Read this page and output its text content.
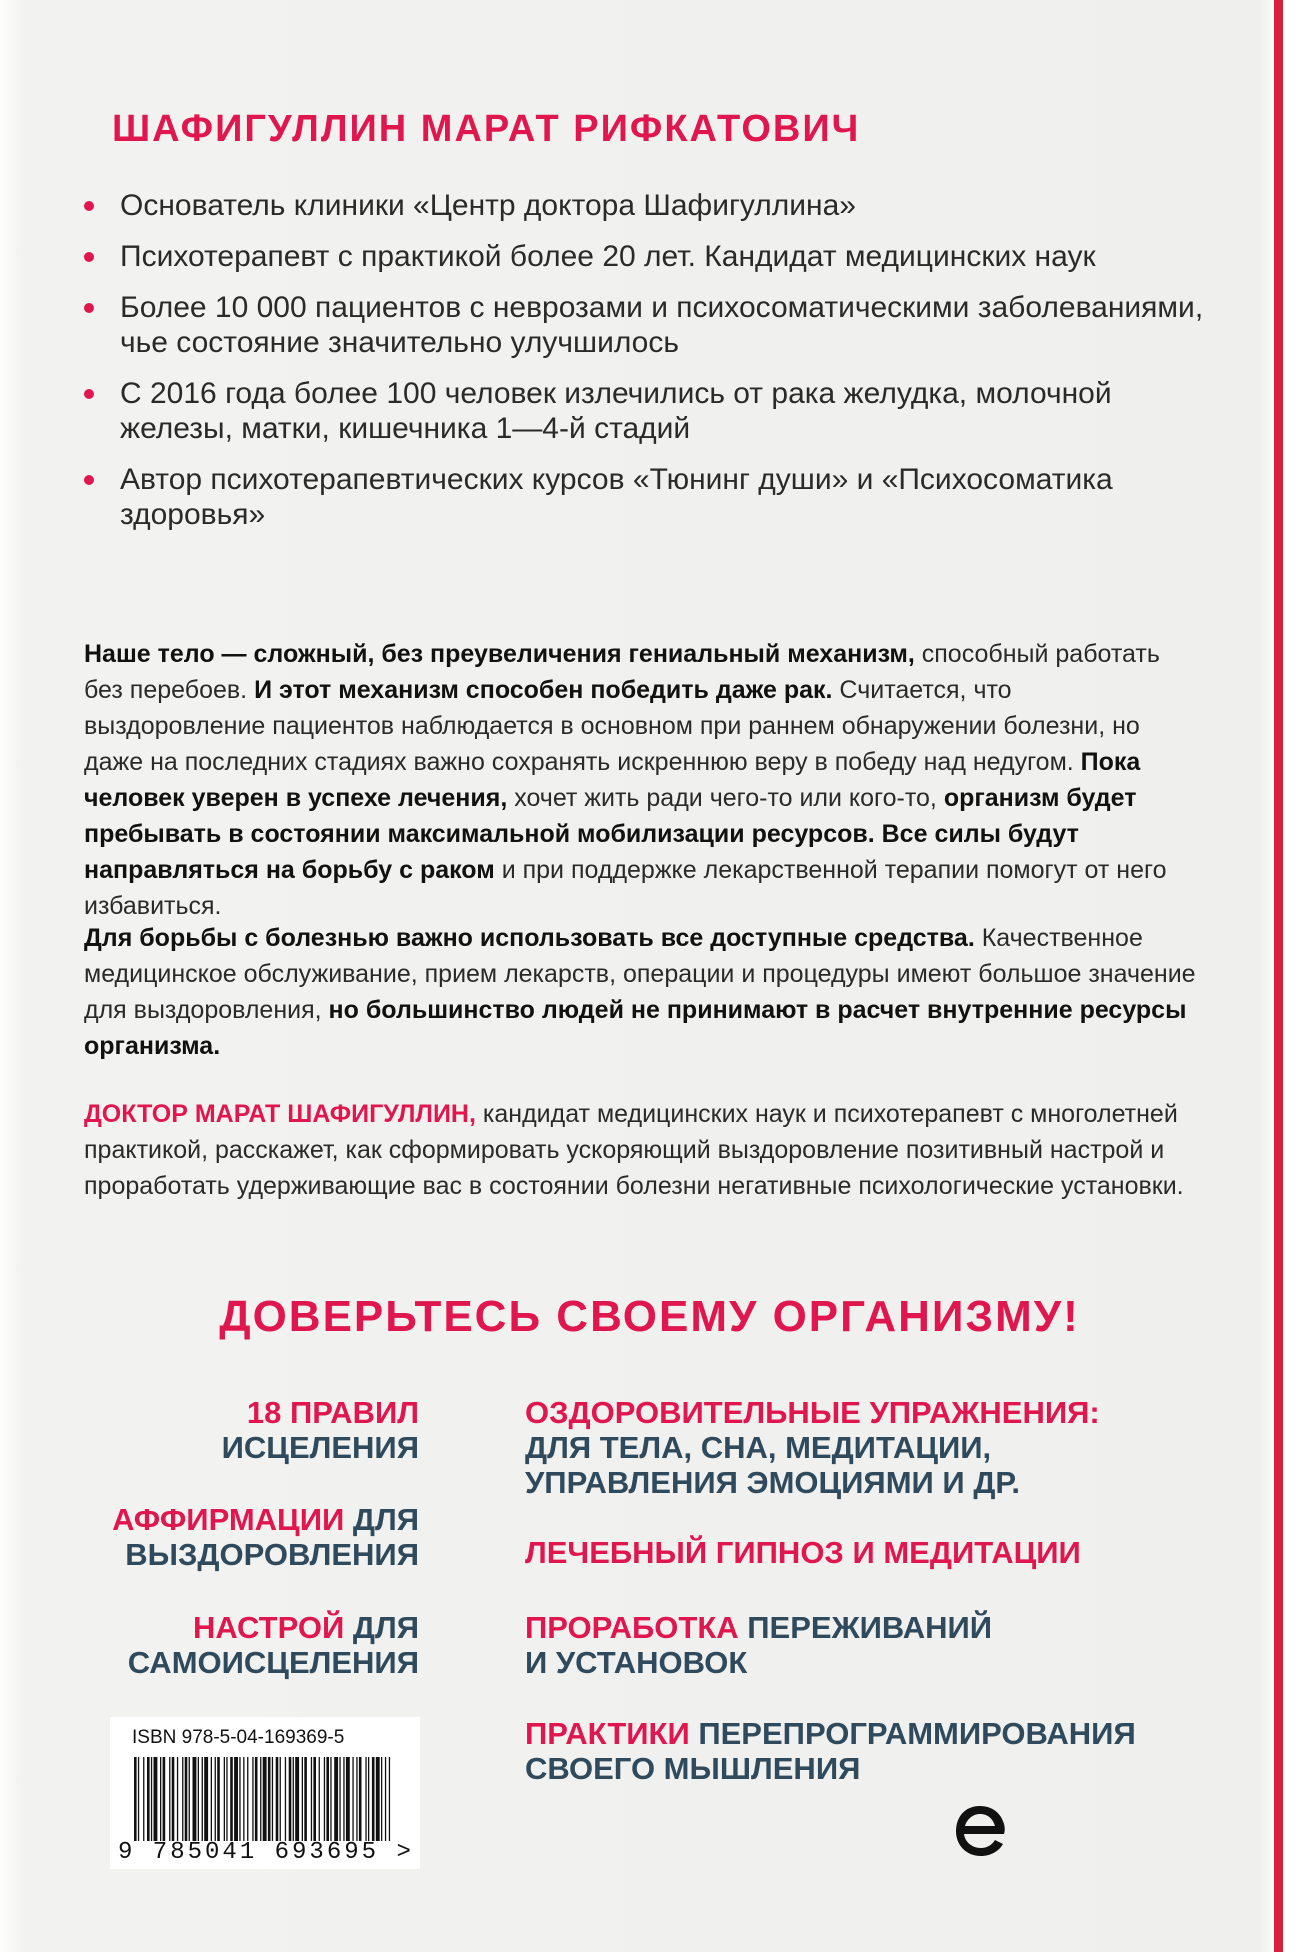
ШАФИГУЛЛИН МАРАТ РИФКАТОВИЧ
Основатель клиники «Центр доктора Шафигуллина»
Психотерапевт с практикой более 20 лет. Кандидат медицинских наук
Более 10 000 пациентов с неврозами и психосоматическими заболеваниями, чье состояние значительно улучшилось
С 2016 года более 100 человек излечились от рака желудка, молочной железы, матки, кишечника 1—4-й стадий
Автор психотерапевтических курсов «Тюнинг души» и «Психосоматика здоровья»

Наше тело — сложный, без преувеличения гениальный механизм, способный работать без перебоев. И этот механизм способен победить даже рак. Считается, что выздоровление пациентов наблюдается в основном при раннем обнаружении болезни, но даже на последних стадиях важно сохранять искреннюю веру в победу над недугом. Пока человек уверен в успехе лечения, хочет жить ради чего-то или кого-то, организм будет пребывать в состоянии максимальной мобилизации ресурсов. Все силы будут направляться на борьбу с раком и при поддержке лекарственной терапии помогут от него избавиться.

Для борьбы с болезнью важно использовать все доступные средства. Качественное медицинское обслуживание, прием лекарств, операции и процедуры имеют большое значение для выздоровления, но большинство людей не принимают в расчет внутренние ресурсы организма.

ДОКТОР МАРАТ ШАФИГУЛЛИН, кандидат медицинских наук и психотерапевт с многолетней практикой, расскажет, как сформировать ускоряющий выздоровление позитивный настрой и проработать удерживающие вас в состоянии болезни негативные психологические установки.

ДОВЕРЬТЕСЬ СВОЕМУ ОРГАНИЗМУ!
18 ПРАВИЛ
ИСЦЕЛЕНИЯ
АФФИРМАЦИИ ДЛЯ
ВЫЗДОРОВЛЕНИЯ
НАСТРОЙ ДЛЯ
САМОИСЦЕЛЕНИЯ
ОЗДОРОВИТЕЛЬНЫЕ УПРАЖНЕНИЯ:
ДЛЯ ТЕЛА, СНА, МЕДИТАЦИИ,
УПРАВЛЕНИЯ ЭМОЦИЯМИ И ДР.
ЛЕЧЕБНЫЙ ГИПНОЗ И МЕДИТАЦИИ
ПРОРАБОТКА ПЕРЕЖИВАНИЙ
И УСТАНОВОК
ПРАКТИКИ ПЕРЕПРОГРАММИРОВАНИЯ
СВОЕГО МЫШЛЕНИЯ
ISBN 978-5-04-169369-5
9 785041 693695 >
